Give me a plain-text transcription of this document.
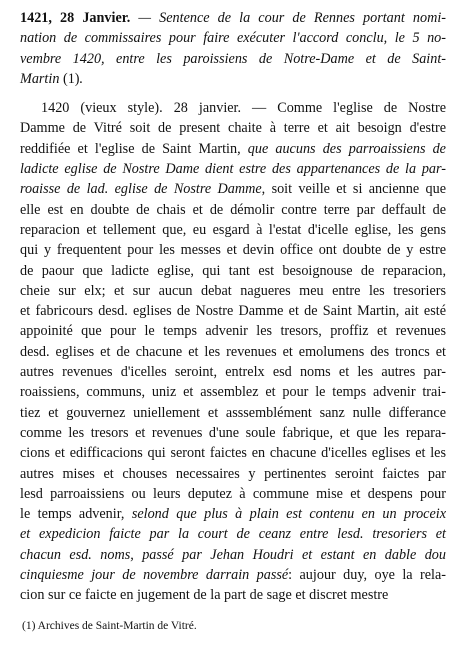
1421, 28 Janvier. — Sentence de la cour de Rennes portant nomi-
nation de commissaires pour faire exécuter l'accord conclu, le 5 no-
vembre 1420, entre les paroissiens de Notre-Dame et de Saint-
Martin (1).
1420 (vieux style). 28 janvier. — Comme l'eglise de Nostre
Damme de Vitré soit de present chaite à terre et ait besoign d'estre
reddifiée et l'eglise de Saint Martin, que aucuns des parroaissiens de
ladicte eglise de Nostre Dame dient estre des appartenances de la par-
roaisse de lad. eglise de Nostre Damme, soit veille et si ancienne que
elle est en doubte de chais et de démolir contre terre par deffault de
reparacion et tellement que, eu esgard à l'estat d'icelle eglise, les gens
qui y frequentent pour les messes et devin office ont doubte de y estre
de paour que ladicte eglise, qui tant est besoignouse de reparacion,
cheie sur elx; et sur aucun debat nagueres meu entre les tresoriers
et fabricours desd. eglises de Nostre Damme et de Saint Martin, ait esté
appoinité que pour le temps advenir les tresors, proffiz et revenues
desd. eglises et de chacune et les revenues et emolumens des troncs et
autres revenues d'icelles seroint, entrelx esd noms et les autres par-
roaissiens, communs, uniz et assemblez et pour le temps advenir trai-
tiez et gouvernez uniellement et asssemblément sanz nulle differance
comme les tresors et revenues d'une soule fabrique, et que les repara-
cions et edifficacions qui seront faictes en chacune d'icelles eglises et les
autres mises et chouses necessaires y pertinentes seroint faictes par
lesd parroaissiens ou leurs deputez à commune mise et despens pour
le temps advenir, selond que plus à plain est contenu en un proceix
et expedicion faicte par la court de ceanz entre lesd. tresoriers et
chacun esd. noms, passé par Jehan Houdri et estant en dable dou
cinquiesme jour de novembre darrain passé: aujour duy, oye la rela-
cion sur ce faicte en jugement de la part de sage et discret mestre
(1) Archives de Saint-Martin de Vitré.
